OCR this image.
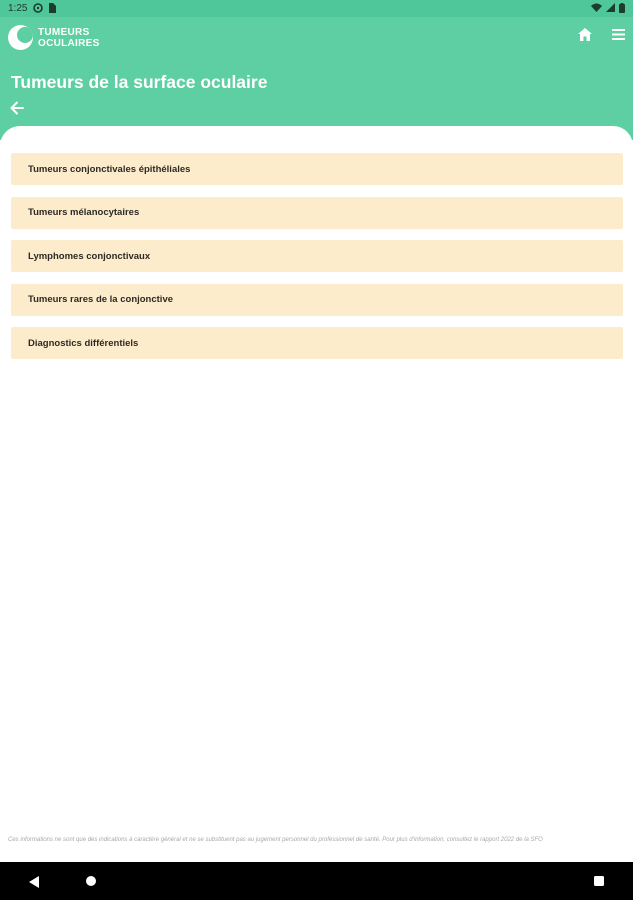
1:25
TUMEURS
OCULAIRES
Tumeurs de la surface oculaire
Tumeurs conjonctivales épithéliales
Tumeurs mélanocytaires
Lymphomes conjonctivaux
Tumeurs rares de la conjonctive
Diagnostics différentiels
Ces informations ne sont que des indications à caractère général et ne se substituent pas au jugement personnel du professionnel de santé. Pour plus d'information, consultez le rapport 2022 de la SFO
